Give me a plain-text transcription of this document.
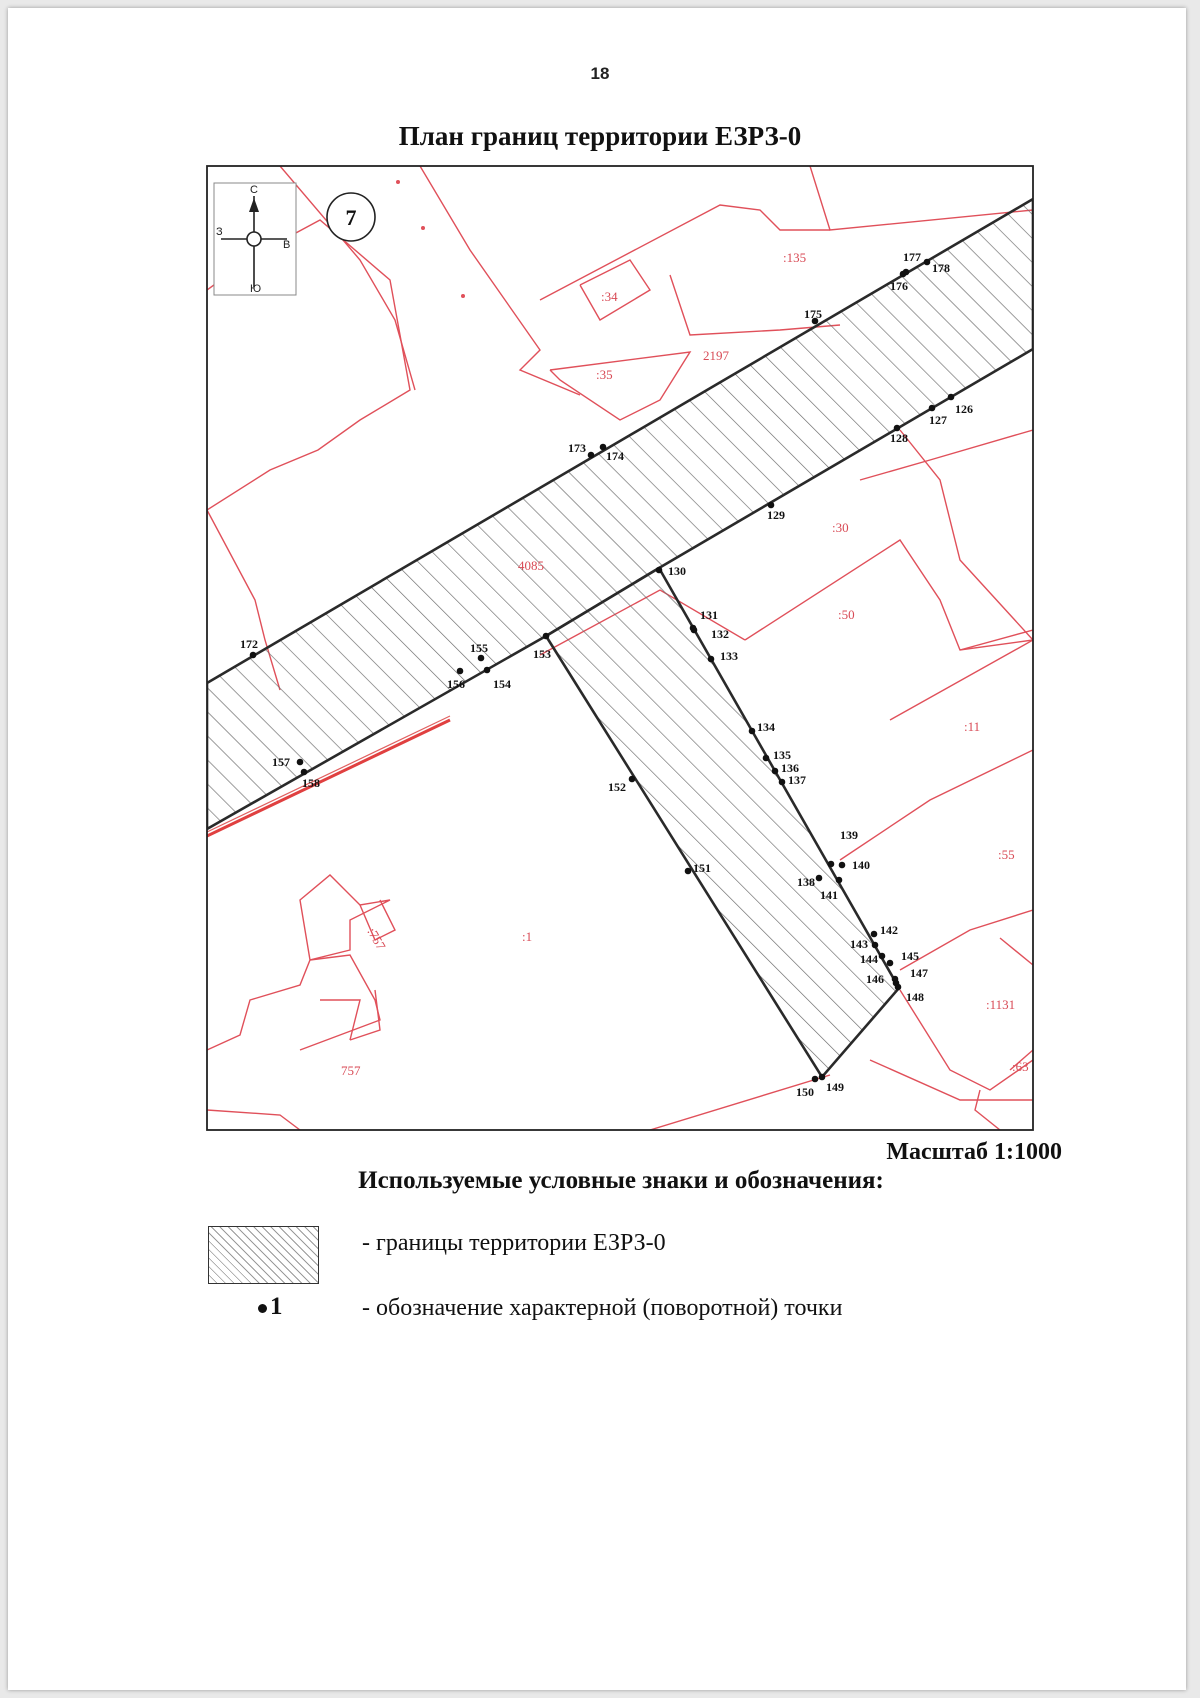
18
План границ территории ЕЗРЗ-0
С
З
В
Ю
7
:135
:34
:35
2197
:30
4085
:50
:11
:55
:1
:757
757
:1131
:63
126
127
128
129
130
131
132
133
134
135
136
137
138
139
140
141
142
143
144 145
146 147
148
149
150
151
152
153
154
155
156
157
158
172
173
174
175
176
177
178
Масштаб 1:1000
Используемые условные знаки и обозначения:
- границы территории ЕЗРЗ-0
1	- обозначение характерной (поворотной) точки
